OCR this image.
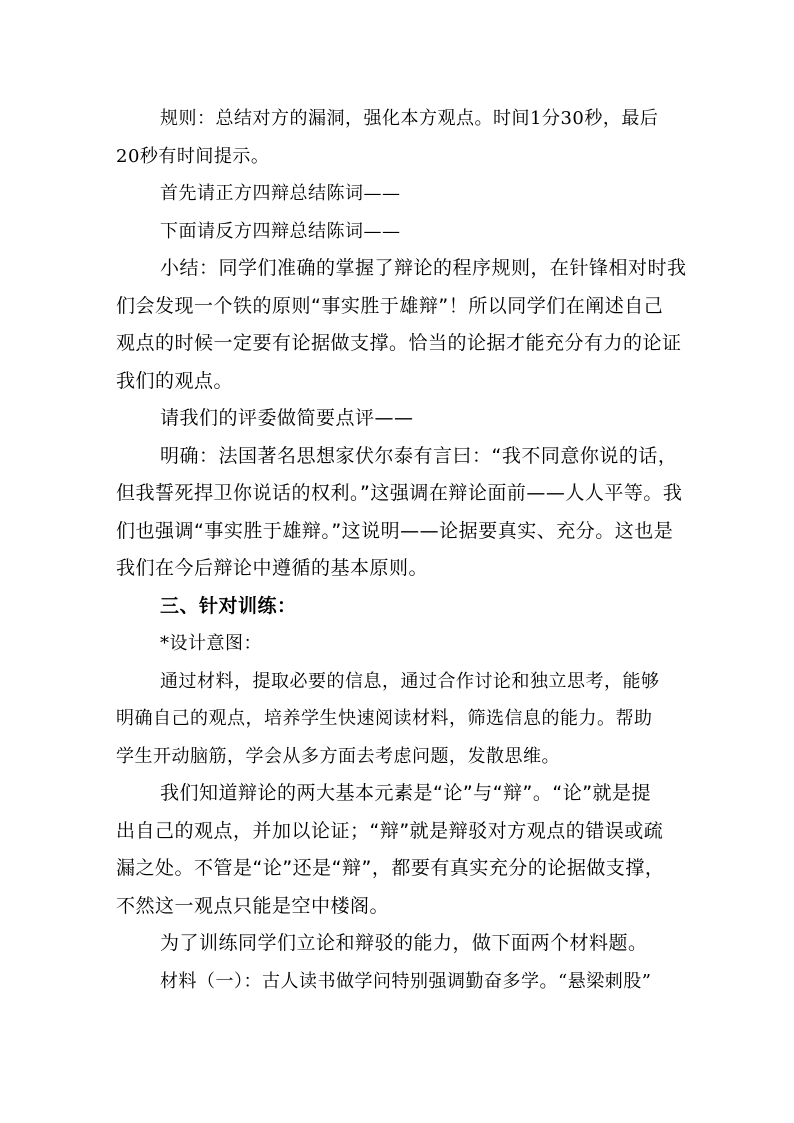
规则：总结对方的漏洞，强化本方观点。时间1分30秒，最后
20秒有时间提示。
首先请正方四辩总结陈词——
下面请反方四辩总结陈词——
小结：同学们准确的掌握了辩论的程序规则，在针锋相对时我
们会发现一个铁的原则“事实胜于雄辩”！所以同学们在阐述自己
观点的时候一定要有论据做支撑。恰当的论据才能充分有力的论证
我们的观点。
请我们的评委做简要点评——
明确：法国著名思想家伏尔泰有言曰：“我不同意你说的话，
但我誓死捍卫你说话的权利。”这强调在辩论面前——人人平等。我
们也强调“事实胜于雄辩。”这说明——论据要真实、充分。这也是
我们在今后辩论中遵循的基本原则。
三、针对训练：
*设计意图：
通过材料，提取必要的信息，通过合作讨论和独立思考，能够
明确自己的观点，培养学生快速阅读材料，筛选信息的能力。帮助
学生开动脑筋，学会从多方面去考虑问题，发散思维。
我们知道辩论的两大基本元素是“论”与“辩”。“论”就是提
出自己的观点，并加以论证；“辩”就是辩驳对方观点的错误或疏
漏之处。不管是“论”还是“辩”，都要有真实充分的论据做支撑，
不然这一观点只能是空中楼阁。
为了训练同学们立论和辩驳的能力，做下面两个材料题。
材料（一）：古人读书做学问特别强调勤奋多学。“悬梁刺股”
